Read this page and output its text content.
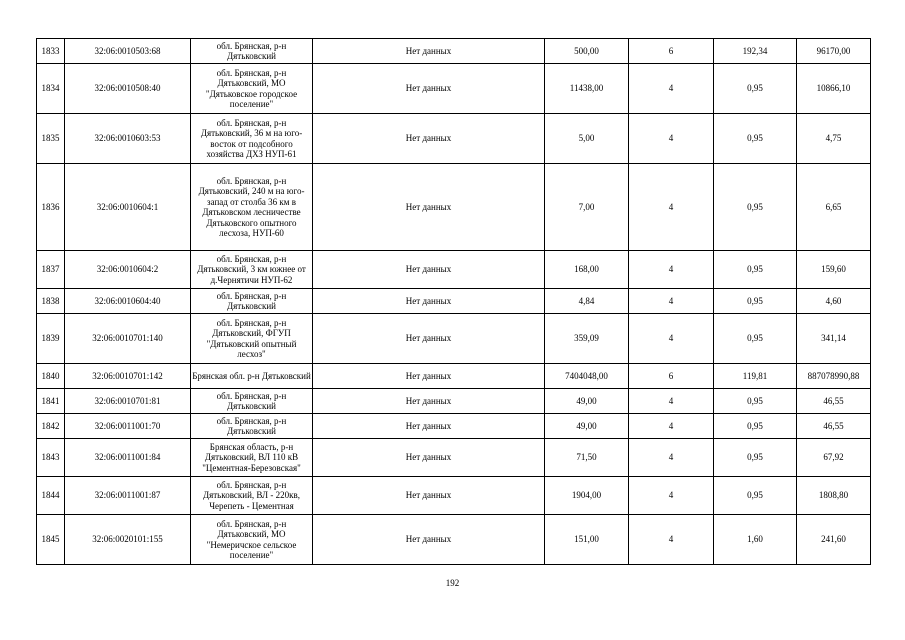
1833	32:06:0010503:68	обл. Брянская, р-н Дятьковский	Нет данных	500,00	6	192,34	96170,00
1834	32:06:0010508:40	обл. Брянская, р-н Дятьковский, МО "Дятьковское городское поселение"	Нет данных	11438,00	4	0,95	10866,10
1835	32:06:0010603:53	обл. Брянская, р-н Дятьковский, 36 м на юго-восток от подсобного хозяйства ДХЗ НУП-61	Нет данных	5,00	4	0,95	4,75
1836	32:06:0010604:1	обл. Брянская, р-н Дятьковский, 240 м на юго-запад от столба 36 км в Дятьковском лесничестве Дятьковского опытного лесхоза, НУП-60	Нет данных	7,00	4	0,95	6,65
1837	32:06:0010604:2	обл. Брянская, р-н Дятьковский, 3 км южнее от д.Чернятичи НУП-62	Нет данных	168,00	4	0,95	159,60
1838	32:06:0010604:40	обл. Брянская, р-н Дятьковский	Нет данных	4,84	4	0,95	4,60
1839	32:06:0010701:140	обл. Брянская, р-н Дятьковский, ФГУП "Дятьковский опытный лесхоз"	Нет данных	359,09	4	0,95	341,14
1840	32:06:0010701:142	Брянская обл. р-н Дятьковский	Нет данных	7404048,00	6	119,81	887078990,88
1841	32:06:0010701:81	обл. Брянская, р-н Дятьковский	Нет данных	49,00	4	0,95	46,55
1842	32:06:0011001:70	обл. Брянская, р-н Дятьковский	Нет данных	49,00	4	0,95	46,55
1843	32:06:0011001:84	Брянская область, р-н Дятьковский, ВЛ 110 кВ "Цементная-Березовская"	Нет данных	71,50	4	0,95	67,92
1844	32:06:0011001:87	обл. Брянская, р-н Дятьковский, ВЛ - 220кв, Черепеть - Цементная	Нет данных	1904,00	4	0,95	1808,80
1845	32:06:0020101:155	обл. Брянская, р-н Дятьковский, МО "Немеричское сельское поселение"	Нет данных	151,00	4	1,60	241,60
192
